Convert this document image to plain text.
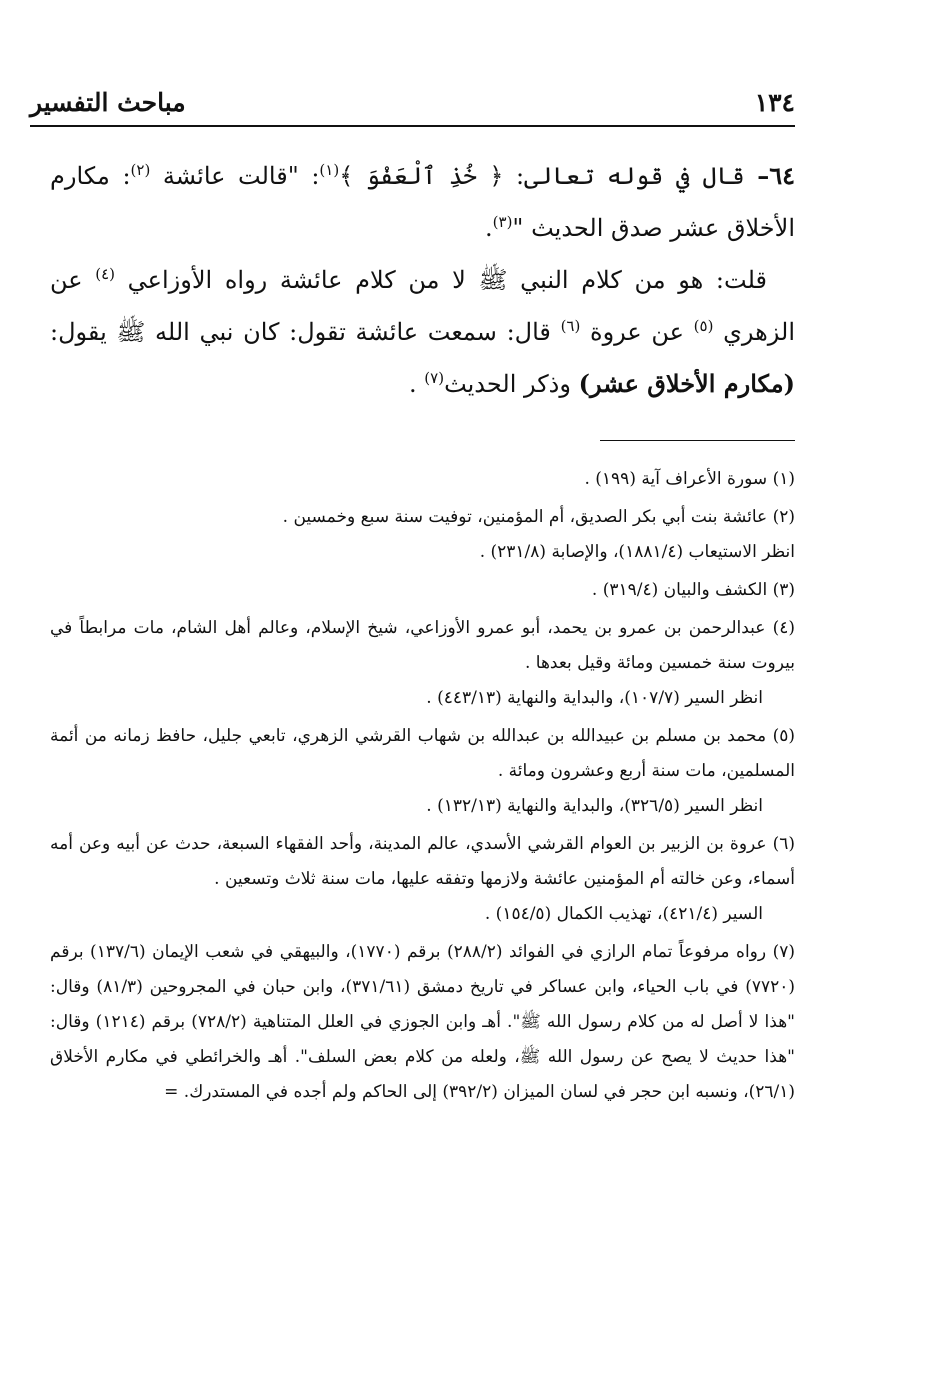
١٣٤
مباحث التفسير

٦٤– قال في قوله تعالى: ﴿ خُذِ ٱلْعَفْوَ ﴾$^{(١)}$: "قالت عائشة $^{(٢)}$: مكارم الأخلاق عشر صدق الحديث "$^{(٣)}$.

قلت: هو من كلام النبي ﷺ لا من كلام عائشة رواه الأوزاعي $^{(٤)}$ عن الزهري $^{(٥)}$ عن عروة $^{(٦)}$ قال: سمعت عائشة تقول: كان نبي الله ﷺ يقول: (مكارم الأخلاق عشر) وذكر الحديث$^{(٧)}$ .

(١) سورة الأعراف آية (١٩٩) .
(٢) عائشة بنت أبي بكر الصديق، أم المؤمنين، توفيت سنة سبع وخمسين .
انظر الاستيعاب (١٨٨١/٤)، والإصابة (٢٣١/٨) .
(٣) الكشف والبيان (٣١٩/٤) .
(٤) عبدالرحمن بن عمرو بن يحمد، أبو عمرو الأوزاعي، شيخ الإسلام، وعالم أهل الشام، مات مرابطاً في بيروت سنة خمسين ومائة وقيل بعدها .
انظر السير (١٠٧/٧)، والبداية والنهاية (٤٤٣/١٣) .
(٥) محمد بن مسلم بن عبيدالله بن عبدالله بن شهاب القرشي الزهري، تابعي جليل، حافظ زمانه من أئمة المسلمين، مات سنة أربع وعشرون ومائة .
انظر السير (٣٢٦/٥)، والبداية والنهاية (١٣٢/١٣) .
(٦) عروة بن الزبير بن العوام القرشي الأسدي، عالم المدينة، وأحد الفقهاء السبعة، حدث عن أبيه وعن أمه أسماء، وعن خالته أم المؤمنين عائشة ولازمها وتفقه عليها، مات سنة ثلاث وتسعين .
السير (٤٢١/٤)، تهذيب الكمال (١٥٤/٥) .
(٧) رواه مرفوعاً تمام الرازي في الفوائد (٢٨٨/٢) برقم (١٧٧٠)، والبيهقي في شعب الإيمان (١٣٧/٦) برقم (٧٧٢٠) في باب الحياء، وابن عساكر في تاريخ دمشق (٣٧١/٦١)، وابن حبان في المجروحين (٨١/٣) وقال: "هذا لا أصل له من كلام رسول الله ﷺ". أهـ وابن الجوزي في العلل المتناهية (٧٢٨/٢) برقم (١٢١٤) وقال: "هذا حديث لا يصح عن رسول الله ﷺ، ولعله من كلام بعض السلف". أهـ والخرائطي في مكارم الأخلاق (٢٦/١)، ونسبه ابن حجر في لسان الميزان (٣٩٢/٢) إلى الحاكم ولم أجده في المستدرك. =
